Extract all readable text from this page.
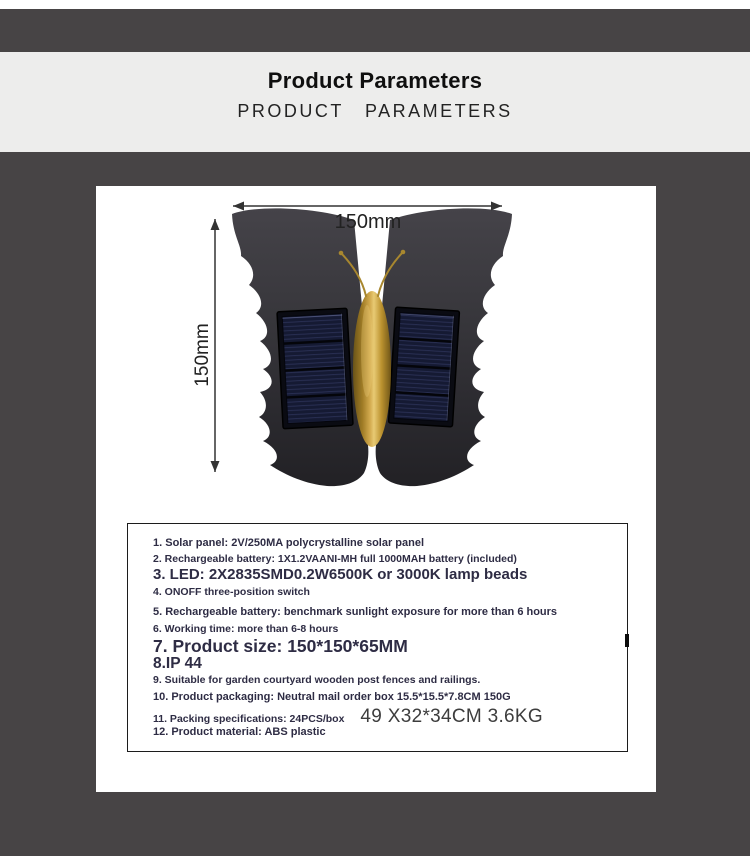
Product Parameters
PRODUCT PARAMETERS
150mm
150mm
1. Solar panel: 2V/250MA polycrystalline solar panel
2. Rechargeable battery: 1X1.2VAANI-MH full 1000MAH battery (included)
3. LED: 2X2835SMD0.2W6500K or 3000K lamp beads
4. ONOFF three-position switch
5. Rechargeable battery: benchmark sunlight exposure for more than 6 hours
6. Working time: more than 6-8 hours
7. Product size: 150*150*65MM
8.IP 44
9. Suitable for garden courtyard wooden post fences and railings.
10. Product packaging: Neutral mail order box 15.5*15.5*7.8CM 150G
11. Packing specifications: 24PCS/box 49 X32*34CM 3.6KG
12. Product material: ABS plastic
